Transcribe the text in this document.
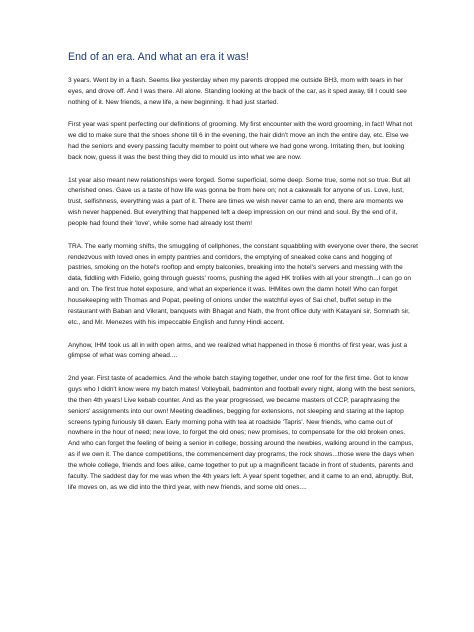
End of an era. And what an era it was!

3 years. Went by in a flash. Seems like yesterday when my parents dropped me outside BH3, mom with tears in her eyes, and drove off. And I was there. All alone. Standing looking at the back of the car, as it sped away, till I could see nothing of it. New friends, a new life, a new beginning. It had just started.

First year was spent perfecting our definitions of grooming. My first encounter with the word grooming, in fact! What not we did to make sure that the shoes shone till 6 in the evening, the hair didn't move an inch the entire day, etc. Else we had the seniors and every passing faculty member to point out where we had gone wrong. Irritating then, but looking back now, guess it was the best thing they did to mould us into what we are now.

1st year also meant new relationships were forged. Some superficial, some deep. Some true, some not so true. But all cherished ones. Gave us a taste of how life was gonna be from here on; not a cakewalk for anyone of us. Love, lust, trust, selfishness, everything was a part of it. There are times we wish never came to an end, there are moments we wish never happened. But everything that happened left a deep impression on our mind and soul. By the end of it, people had found their 'love', while some had already lost them!

TRA. The early morning shifts, the smuggling of cellphones, the constant squabbling with everyone over there, the secret rendezvous with loved ones in empty pantries and corridors, the emptying of sneaked coke cans and hogging of pastries, smoking on the hotel's rooftop and empty balconies, breaking into the hotel's servers and messing with the data, fiddling with Fidelio, going through guests' rooms, pushing the aged HK trollies with all your strength...I can go on and on. The first true hotel exposure, and what an experience it was. IHMites own the damn hotel! Who can forget housekeeping with Thomas and Popat, peeling of onions under the watchful eyes of Sai chef, buffet setup in the restaurant with Baban and Vikrant, banquets with Bhagat and Nath, the front office duty with Katayani sir, Somnath sir, etc., and Mr. Menezes with his impeccable English and funny Hindi accent.

Anyhow, IHM took us all in with open arms, and we realized what happened in those 6 months of first year, was just a glimpse of what was coming ahead....

2nd year. First taste of academics. And the whole batch staying together, under one roof for the first time. Got to know guys who I didn't know were my batch mates! Volleyball, badminton and football every night, along with the best seniors, the then 4th years! Live kebab counter. And as the year progressed, we became masters of CCP, paraphrasing the seniors' assignments into our own! Meeting deadlines, begging for extensions, not sleeping and staring at the laptop screens typing furiously till dawn. Early morning poha with tea at roadside 'Tapris'. New friends, who came out of nowhere in the hour of need; new love, to forget the old ones; new promises, to compensate for the old broken ones. And who can forget the feeling of being a senior in college, bossing around the newbies, walking around in the campus, as if we own it. The dance competitions, the commencement day programs, the rock shows...those were the days when the whole college, friends and foes alike, came together to put up a magnificent facade in front of students, parents and faculty. The saddest day for me was when the 4th years left. A year spent together, and it came to an end, abruptly. But, life moves on, as we did into the third year, with new friends, and some old ones....
